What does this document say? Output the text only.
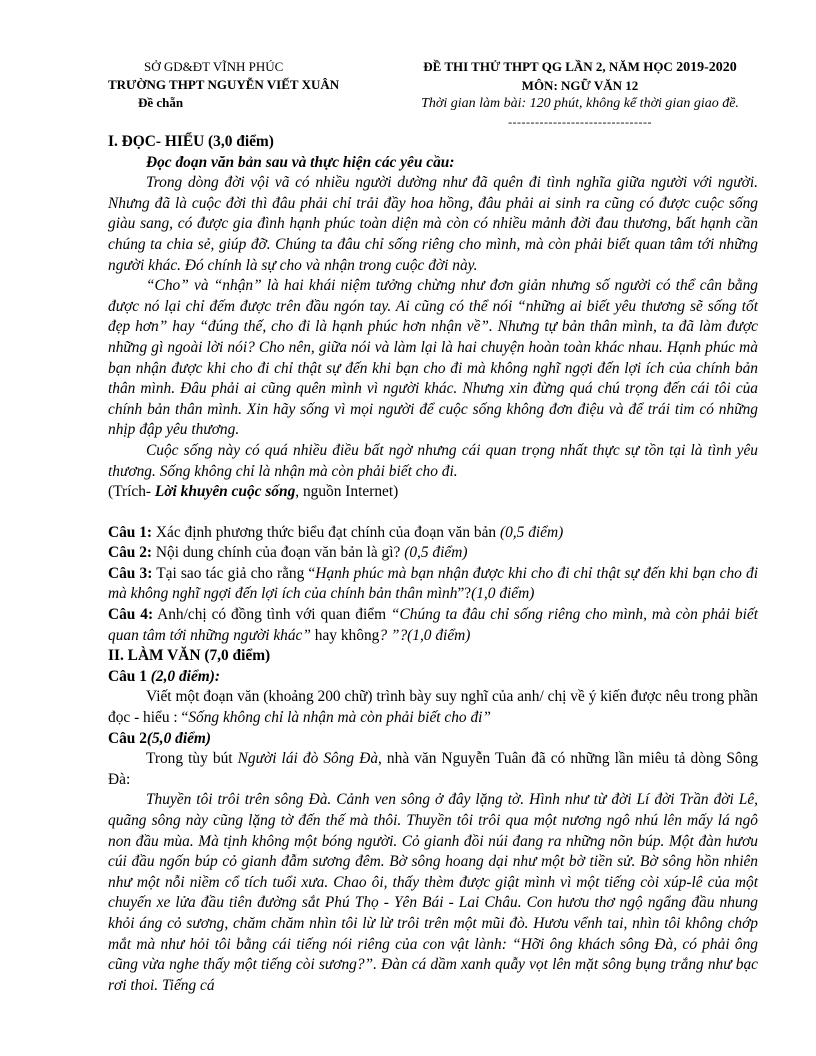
SỞ GD&ĐT VĨNH PHÚC
TRƯỜNG THPT NGUYỄN VIẾT XUÂN
Đề chẵn
ĐỀ THI THỬ THPT QG LẦN 2, NĂM HỌC 2019-2020
MÔN: NGỮ VĂN 12
Thời gian làm bài: 120 phút, không kể thời gian giao đề.
--------------------------------

I. ĐỌC- HIỂU (3,0 điểm)

Đọc đoạn văn bản sau và thực hiện các yêu cầu:

Trong dòng đời vội vã có nhiều người dường như đã quên đi tình nghĩa giữa người với người. Nhưng đã là cuộc đời thì đâu phải chỉ trải đầy hoa hồng, đâu phải ai sinh ra cũng có được cuộc sống giàu sang, có được gia đình hạnh phúc toàn diện mà còn có nhiều mảnh đời đau thương, bất hạnh cần chúng ta chia sẻ, giúp đỡ. Chúng ta đâu chỉ sống riêng cho mình, mà còn phải biết quan tâm tới những người khác. Đó chính là sự cho và nhận trong cuộc đời này.

“Cho” và “nhận” là hai khái niệm tưởng chừng như đơn giản nhưng số người có thể cân bằng được nó lại chỉ đếm được trên đầu ngón tay. Ai cũng có thể nói “những ai biết yêu thương sẽ sống tốt đẹp hơn” hay “đúng thế, cho đi là hạnh phúc hơn nhận về”. Nhưng tự bản thân mình, ta đã làm được những gì ngoài lời nói? Cho nên, giữa nói và làm lại là hai chuyện hoàn toàn khác nhau. Hạnh phúc mà bạn nhận được khi cho đi chỉ thật sự đến khi bạn cho đi mà không nghĩ ngợi đến lợi ích của chính bản thân mình. Đâu phải ai cũng quên mình vì người khác. Nhưng xin đừng quá chú trọng đến cái tôi của chính bản thân mình. Xin hãy sống vì mọi người để cuộc sống không đơn điệu và để trái tim có những nhịp đập yêu thương.

Cuộc sống này có quá nhiều điều bất ngờ nhưng cái quan trọng nhất thực sự tồn tại là tình yêu thương. Sống không chỉ là nhận mà còn phải biết cho đi.

(Trích- Lời khuyên cuộc sống, nguồn Internet)

Câu 1: Xác định phương thức biểu đạt chính của đoạn văn bản (0,5 điểm)

Câu 2: Nội dung chính của đoạn văn bản là gì? (0,5 điểm)

Câu 3: Tại sao tác giả cho rằng “Hạnh phúc mà bạn nhận được khi cho đi chỉ thật sự đến khi bạn cho đi mà không nghĩ ngợi đến lợi ích của chính bản thân mình”?(1,0 điểm)

Câu 4: Anh/chị có đồng tình với quan điểm “Chúng ta đâu chỉ sống riêng cho mình, mà còn phải biết quan tâm tới những người khác” hay không? ”?(1,0 điểm)

II. LÀM VĂN (7,0 điểm)

Câu 1 (2,0 điểm):

Viết một đoạn văn (khoảng 200 chữ) trình bày suy nghĩ của anh/ chị về ý kiến được nêu trong phần đọc - hiểu : “Sống không chỉ là nhận mà còn phải biết cho đi”

Câu 2(5,0 điểm)

Trong tùy bút Người lái đò Sông Đà, nhà văn Nguyễn Tuân đã có những lần miêu tả dòng Sông Đà:

Thuyền tôi trôi trên sông Đà. Cảnh ven sông ở đây lặng tờ. Hình như từ đời Lí đời Trần đời Lê, quãng sông này cũng lặng tờ đến thế mà thôi. Thuyền tôi trôi qua một nương ngô nhú lên mấy lá ngô non đầu mùa. Mà tịnh không một bóng người. Cỏ gianh đồi núi đang ra những nõn búp. Một đàn hươu cúi đầu ngốn búp cỏ gianh đẫm sương đêm. Bờ sông hoang dại như một bờ tiền sử. Bờ sông hồn nhiên như một nỗi niềm cổ tích tuổi xưa. Chao ôi, thấy thèm được giật mình vì một tiếng còi xúp-lê của một chuyến xe lửa đầu tiên đường sắt Phú Thọ - Yên Bái - Lai Châu. Con hươu thơ ngộ ngẩng đầu nhung khỏi áng cỏ sương, chăm chăm nhìn tôi lừ lừ trôi trên một mũi đò. Hươu vểnh tai, nhìn tôi không chớp mắt mà như hỏi tôi bằng cái tiếng nói riêng của con vật lành: “Hỡi ông khách sông Đà, có phải ông cũng vừa nghe thấy một tiếng còi sương?”. Đàn cá dầm xanh quẫy vọt lên mặt sông bụng trắng như bạc rơi thoi. Tiếng cá
